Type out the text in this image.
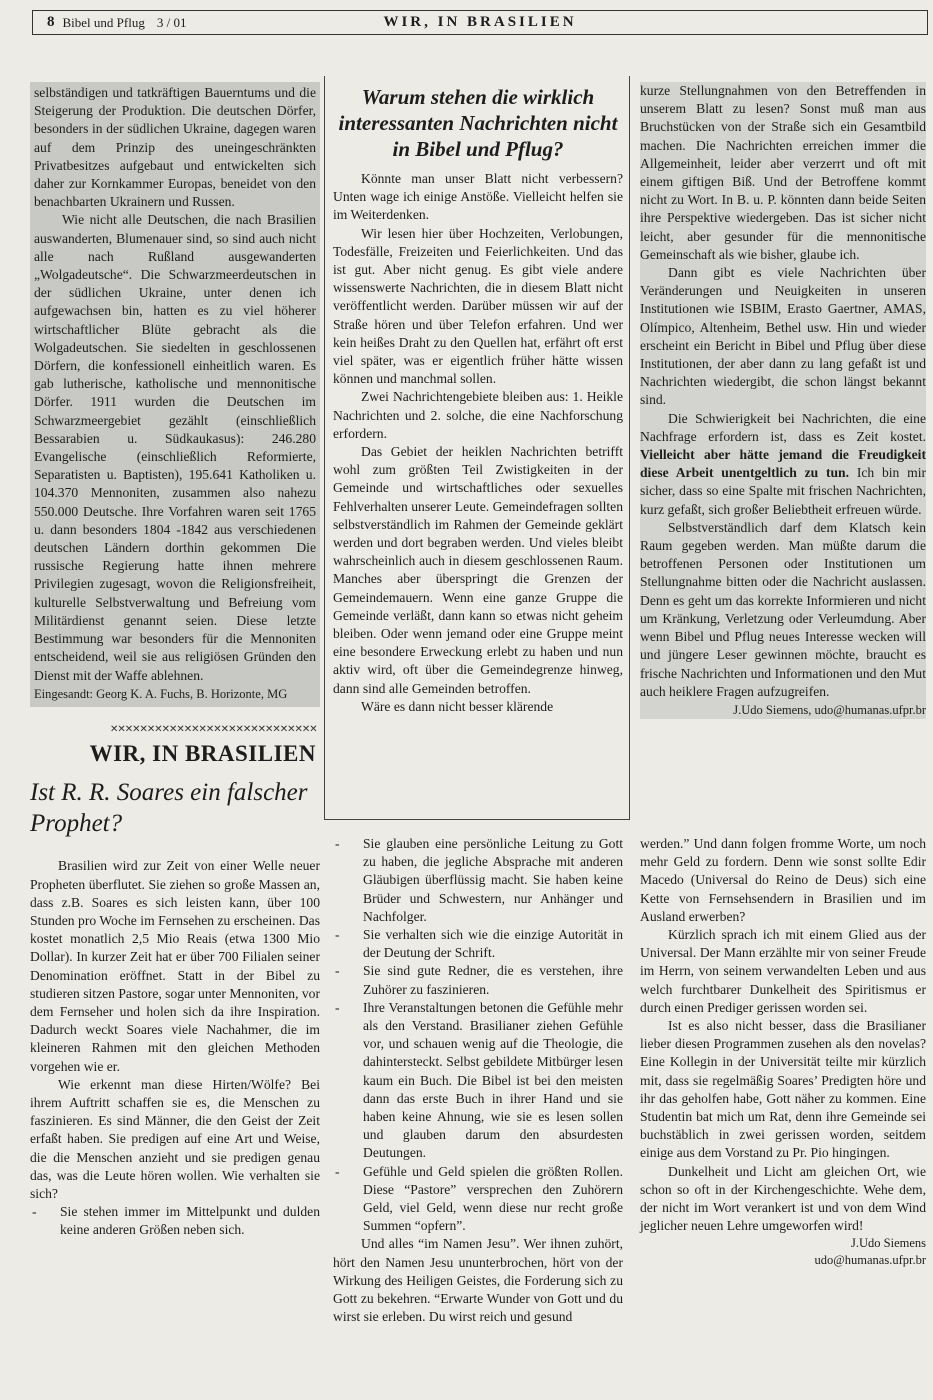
8 Bibel und Pflug 3 / 01	WIR, IN BRASILIEN

selbständigen und tatkräftigen Bauerntums und die Steigerung der Produktion. Die deutschen Dörfer, besonders in der südlichen Ukraine, dagegen waren auf dem Prinzip des uneingeschränkten Privatbesitzes aufgebaut und entwickelten sich daher zur Kornkammer Europas, beneidet von den benachbarten Ukrainern und Russen.

Wie nicht alle Deutschen, die nach Brasilien auswanderten, Blumenauer sind, so sind auch nicht alle nach Rußland ausgewanderten „Wolgadeutsche“. Die Schwarzmeerdeutschen in der südlichen Ukraine, unter denen ich aufgewachsen bin, hatten es zu viel höherer wirtschaftlicher Blüte gebracht als die Wolgadeutschen. Sie siedelten in geschlossenen Dörfern, die konfessionell einheitlich waren. Es gab lutherische, katholische und mennonitische Dörfer. 1911 wurden die Deutschen im Schwarzmeergebiet gezählt (einschließlich Bessarabien u. Südkaukasus): 246.280 Evangelische (einschließlich Reformierte, Separatisten u. Baptisten), 195.641 Katholiken u. 104.370 Mennoniten, zusammen also nahezu 550.000 Deutsche. Ihre Vorfahren waren seit 1765 u. dann besonders 1804 -1842 aus verschiedenen deutschen Ländern dorthin gekommen Die russische Regierung hatte ihnen mehrere Privilegien zugesagt, wovon die Religionsfreiheit, kulturelle Selbstverwaltung und Befreiung vom Militärdienst genannt seien. Diese letzte Bestimmung war besonders für die Mennoniten entscheidend, weil sie aus religiösen Gründen den Dienst mit der Waffe ablehnen.

Eingesandt: Georg K. A. Fuchs, B. Horizonte, MG

✕✕✕✕✕✕✕✕✕✕✕✕✕✕✕✕✕✕✕✕✕✕✕✕✕✕✕✕
WIR, IN BRASILIEN
Ist R. R. Soares ein falscher Prophet?

Brasilien wird zur Zeit von einer Welle neuer Propheten überflutet. Sie ziehen so große Massen an, dass z.B. Soares es sich leisten kann, über 100 Stunden pro Woche im Fernsehen zu erscheinen. Das kostet monatlich 2,5 Mio Reais (etwa 1300 Mio Dollar). In kurzer Zeit hat er über 700 Filialen seiner Denomination eröffnet. Statt in der Bibel zu studieren sitzen Pastore, sogar unter Mennoniten, vor dem Fernseher und holen sich da ihre Inspiration. Dadurch weckt Soares viele Nachahmer, die im kleineren Rahmen mit den gleichen Methoden vorgehen wie er.

Wie erkennt man diese Hirten/Wölfe? Bei ihrem Auftritt schaffen sie es, die Menschen zu faszinieren. Es sind Männer, die den Geist der Zeit erfaßt haben. Sie predigen auf eine Art und Weise, die die Menschen anzieht und sie predigen genau das, was die Leute hören wollen. Wie verhalten sie sich?

- Sie stehen immer im Mittelpunkt und dulden keine anderen Größen neben sich.
Warum stehen die wirklich interessanten Nachrichten nicht in Bibel und Pflug?

Könnte man unser Blatt nicht verbessern? Unten wage ich einige Anstöße. Vielleicht helfen sie im Weiterdenken.

Wir lesen hier über Hochzeiten, Verlobungen, Todesfälle, Freizeiten und Feierlichkeiten. Und das ist gut. Aber nicht genug. Es gibt viele andere wissenswerte Nachrichten, die in diesem Blatt nicht veröffentlicht werden. Darüber müssen wir auf der Straße hören und über Telefon erfahren. Und wer kein heißes Draht zu den Quellen hat, erfährt oft erst viel später, was er eigentlich früher hätte wissen können und manchmal sollen.

Zwei Nachrichtengebiete bleiben aus: 1. Heikle Nachrichten und 2. solche, die eine Nachforschung erfordern.

Das Gebiet der heiklen Nachrichten betrifft wohl zum größten Teil Zwistigkeiten in der Gemeinde und wirtschaftliches oder sexuelles Fehlverhalten unserer Leute. Gemeindefragen sollten selbstverständlich im Rahmen der Gemeinde geklärt werden und dort begraben werden. Und vieles bleibt wahrscheinlich auch in diesem geschlossenen Raum. Manches aber überspringt die Grenzen der Gemeindemauern. Wenn eine ganze Gruppe die Gemeinde verläßt, dann kann so etwas nicht geheim bleiben. Oder wenn jemand oder eine Gruppe meint eine besondere Erweckung erlebt zu haben und nun aktiv wird, oft über die Gemeindegrenze hinweg, dann sind alle Gemeinden betroffen.

Wäre es dann nicht besser klärende

kurze Stellungnahmen von den Betreffenden in unserem Blatt zu lesen? Sonst muß man aus Bruchstücken von der Straße sich ein Gesamtbild machen. Die Nachrichten erreichen immer die Allgemeinheit, leider aber verzerrt und oft mit einem giftigen Biß. Und der Betroffene kommt nicht zu Wort. In B. u. P. könnten dann beide Seiten ihre Perspektive wiedergeben. Das ist sicher nicht leicht, aber gesunder für die mennonitische Gemeinschaft als wie bisher, glaube ich.

Dann gibt es viele Nachrichten über Veränderungen und Neuigkeiten in unseren Institutionen wie ISBIM, Erasto Gaertner, AMAS, Olímpico, Altenheim, Bethel usw. Hin und wieder erscheint ein Bericht in Bibel und Pflug über diese Institutionen, der aber dann zu lang gefaßt ist und Nachrichten wiedergibt, die schon längst bekannt sind.

Die Schwierigkeit bei Nachrichten, die eine Nachfrage erfordern ist, dass es Zeit kostet. Vielleicht aber hätte jemand die Freudigkeit diese Arbeit unentgeltlich zu tun. Ich bin mir sicher, dass so eine Spalte mit frischen Nachrichten, kurz gefaßt, sich großer Beliebtheit erfreuen würde.

Selbstverständlich darf dem Klatsch kein Raum gegeben werden. Man müßte darum die betroffenen Personen oder Institutionen um Stellungnahme bitten oder die Nachricht auslassen. Denn es geht um das korrekte Informieren und nicht um Kränkung, Verletzung oder Verleumdung. Aber wenn Bibel und Pflug neues Interesse wecken will und jüngere Leser gewinnen möchte, braucht es frische Nachrichten und Informationen und den Mut auch heiklere Fragen aufzugreifen.

J.Udo Siemens, udo@humanas.ufpr.br

- Sie glauben eine persönliche Leitung zu Gott zu haben, die jegliche Absprache mit anderen Gläubigen überflüssig macht. Sie haben keine Brüder und Schwestern, nur Anhänger und Nachfolger.
- Sie verhalten sich wie die einzige Autorität in der Deutung der Schrift.
- Sie sind gute Redner, die es verstehen, ihre Zuhörer zu faszinieren.
- Ihre Veranstaltungen betonen die Gefühle mehr als den Verstand. Brasilianer ziehen Gefühle vor, und schauen wenig auf die Theologie, die dahintersteckt. Selbst gebildete Mitbürger lesen kaum ein Buch. Die Bibel ist bei den meisten dann das erste Buch in ihrer Hand und sie haben keine Ahnung, wie sie es lesen sollen und glauben darum den absurdesten Deutungen.
- Gefühle und Geld spielen die größten Rollen. Diese “Pastore” versprechen den Zuhörern Geld, viel Geld, wenn diese nur recht große Summen “opfern”.

Und alles “im Namen Jesu”. Wer ihnen zuhört, hört den Namen Jesu ununterbrochen, hört von der Wirkung des Heiligen Geistes, die Forderung sich zu Gott zu bekehren. “Erwarte Wunder von Gott und du wirst sie erleben. Du wirst reich und gesund

werden.” Und dann folgen fromme Worte, um noch mehr Geld zu fordern. Denn wie sonst sollte Edir Macedo (Universal do Reino de Deus) sich eine Kette von Fernsehsendern in Brasilien und im Ausland erwerben?

Kürzlich sprach ich mit einem Glied aus der Universal. Der Mann erzählte mir von seiner Freude im Herrn, von seinem verwandelten Leben und aus welch furchtbarer Dunkelheit des Spiritismus er durch einen Prediger gerissen worden sei.

Ist es also nicht besser, dass die Brasilianer lieber diesen Programmen zusehen als den novelas? Eine Kollegin in der Universität teilte mir kürzlich mit, dass sie regelmäßig Soares’ Predigten höre und ihr das geholfen habe, Gott näher zu kommen. Eine Studentin bat mich um Rat, denn ihre Gemeinde sei buchstäblich in zwei gerissen worden, seitdem einige aus dem Vorstand zu Pr. Pio hingingen.

Dunkelheit und Licht am gleichen Ort, wie schon so oft in der Kirchengeschichte. Wehe dem, der nicht im Wort verankert ist und von dem Wind jeglicher neuen Lehre umgeworfen wird!

J.Udo Siemens
udo@humanas.ufpr.br
